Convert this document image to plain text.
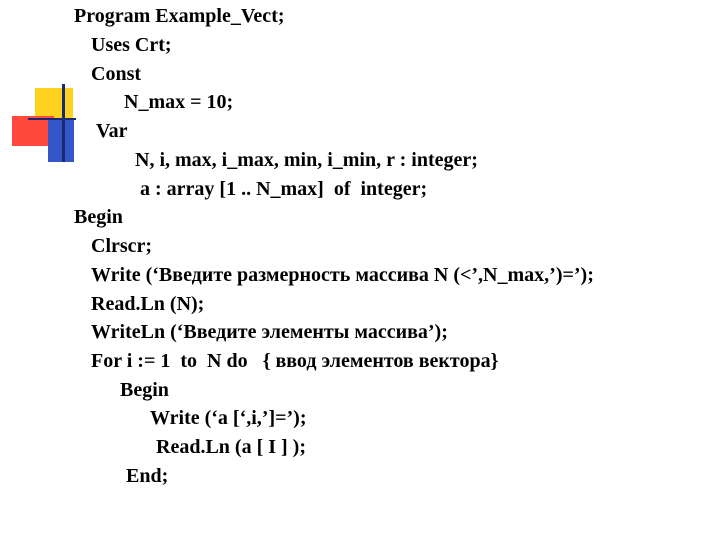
Program Example_Vect;
Uses Crt;
Const
N_max = 10;
Var
N, i, max, i_max, min, i_min, r : integer;
a : array [1 .. N_max]  of  integer;
Begin
Clrscr;
Write (‘Введите размерность массива N (<’,N_max,’)=’);
Read.Ln (N);
WriteLn (‘Введите элементы массива’);
For i := 1  to  N do   { ввод элементов вектора}
Begin
Write (‘a [‘,i,’]=’);
Read.Ln (a [ I ] );
End;
